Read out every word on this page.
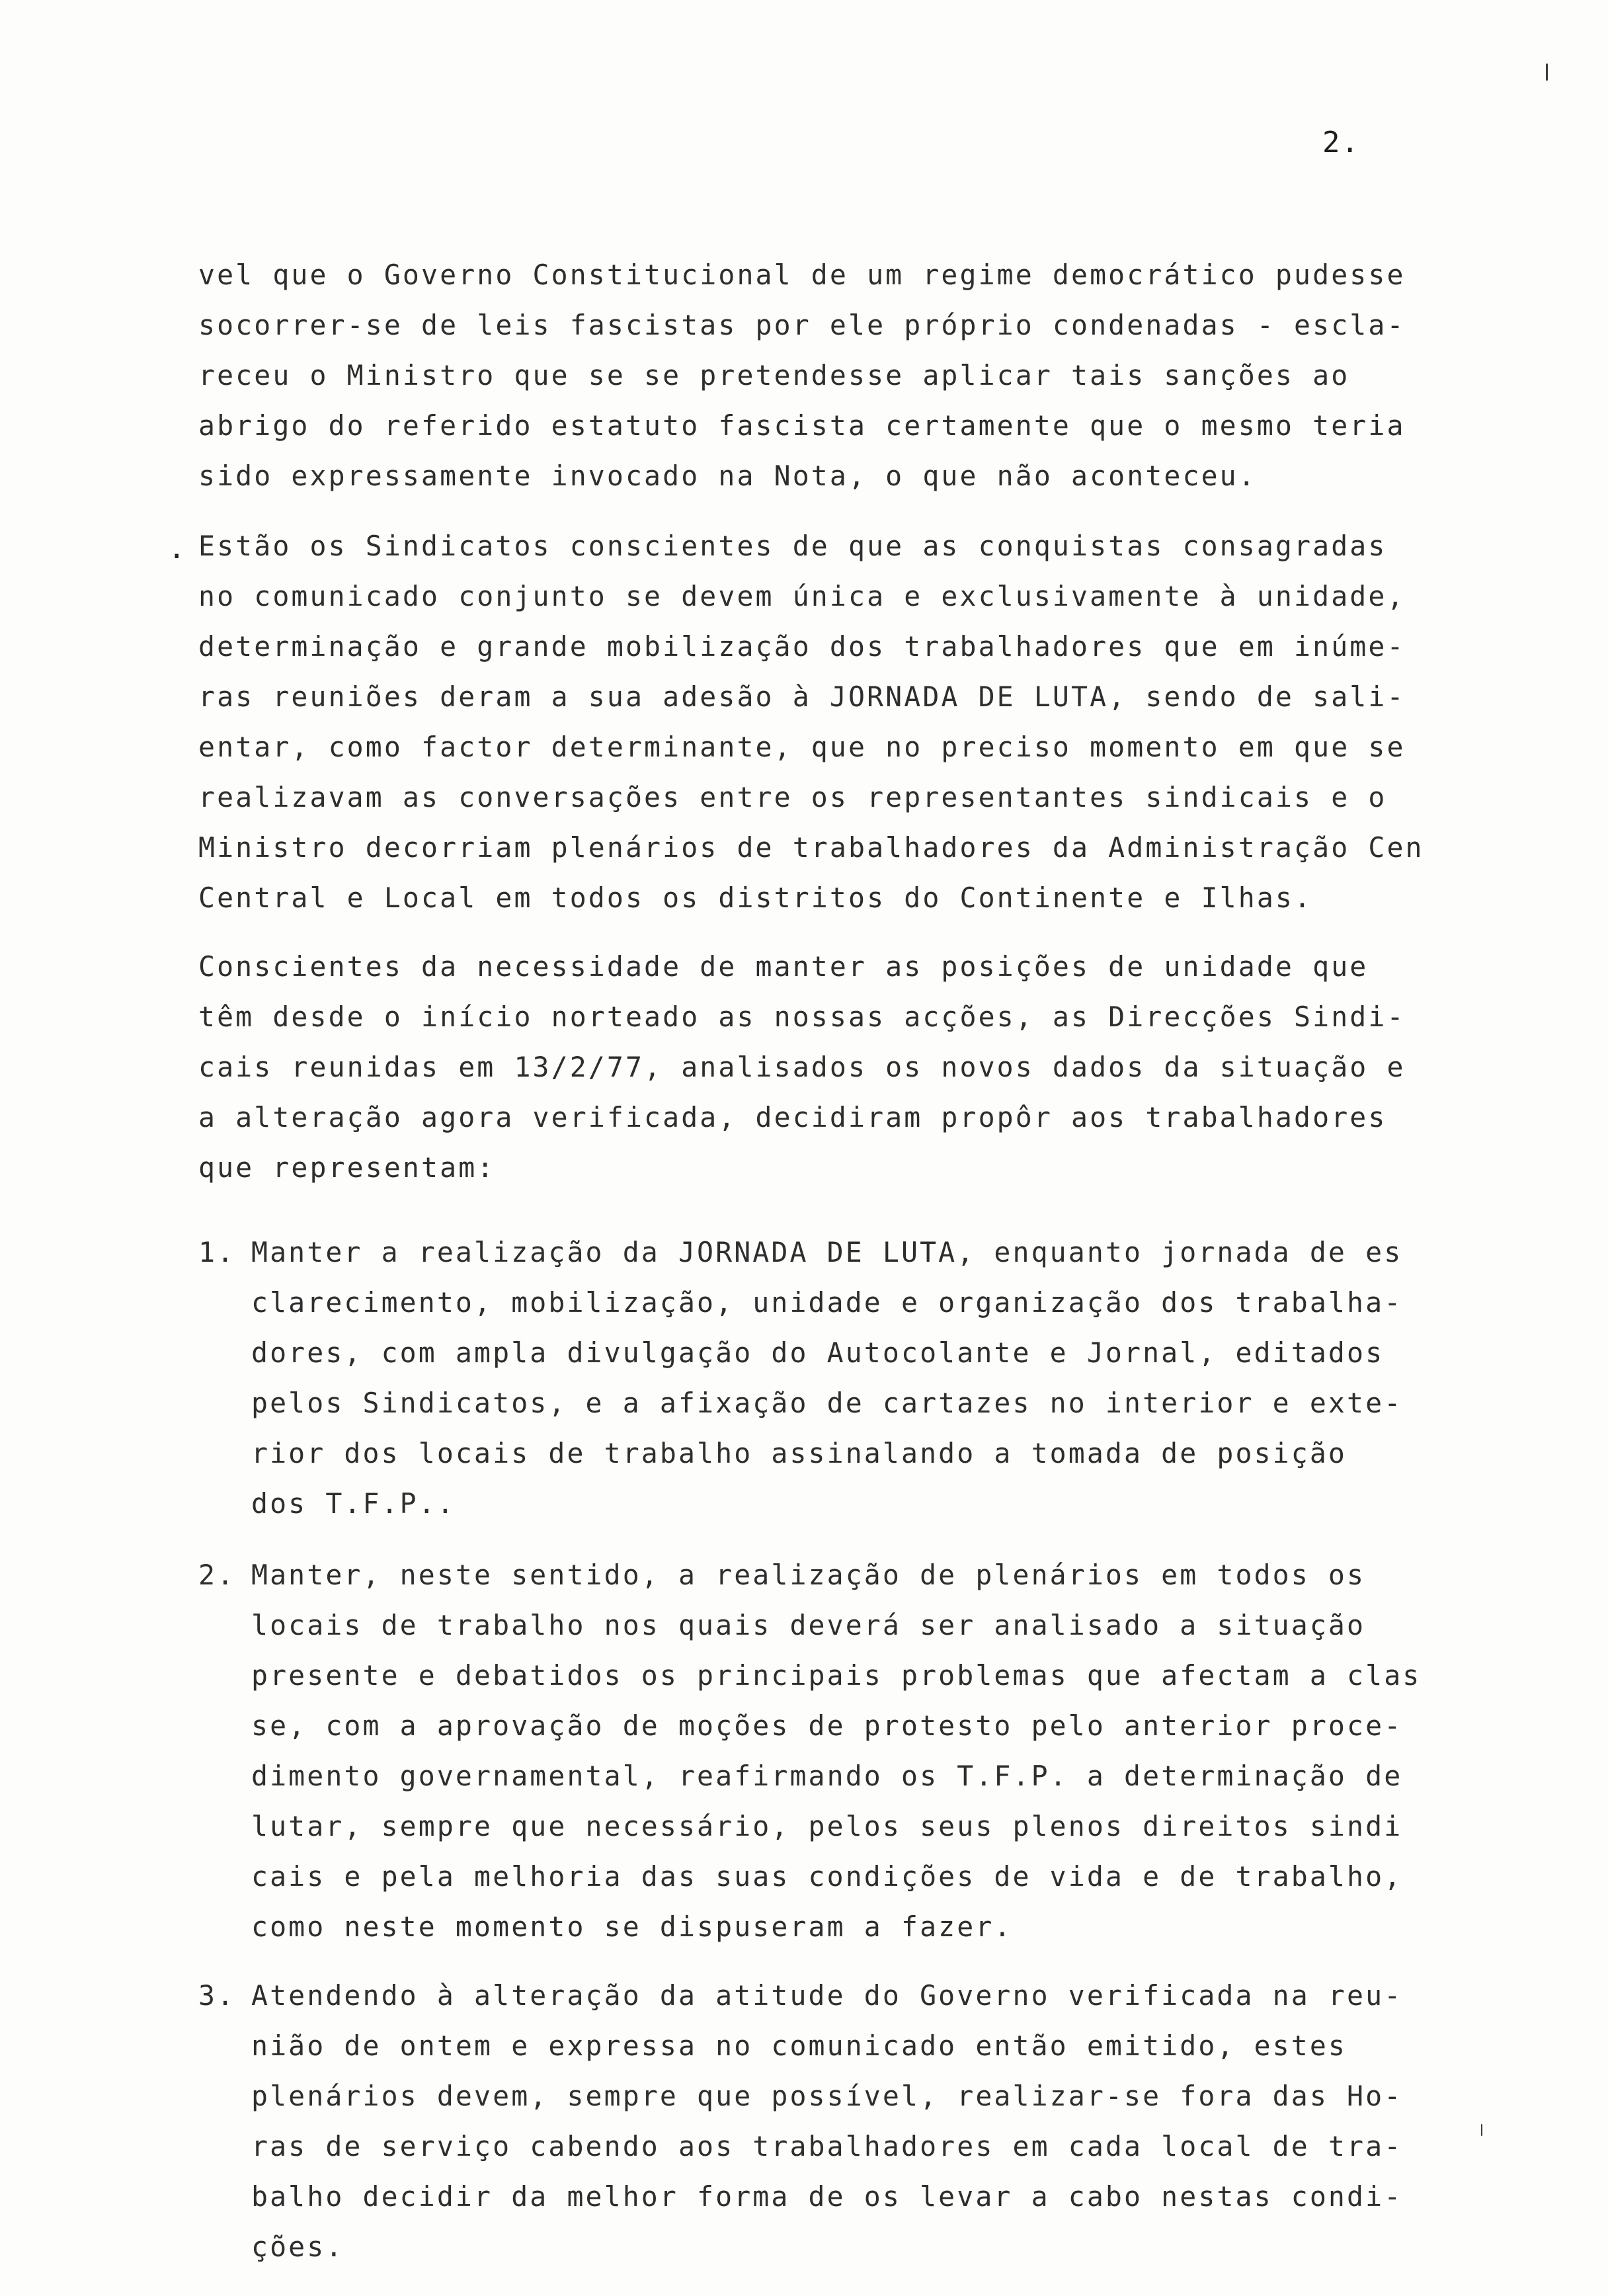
2.
vel que o Governo Constitucional de um regime democrático pudesse
socorrer-se de leis fascistas por ele próprio condenadas - escla-
receu o Ministro que se se pretendesse aplicar tais sanções ao
abrigo do referido estatuto fascista certamente que o mesmo teria
sido expressamente invocado na Nota, o que não aconteceu.
. Estão os Sindicatos conscientes de que as conquistas consagradas
no comunicado conjunto se devem única e exclusivamente à unidade,
determinação e grande mobilização dos trabalhadores que em inúme-
ras reuniões deram a sua adesão à JORNADA DE LUTA, sendo de sali-
entar, como factor determinante, que no preciso momento em que se
realizavam as conversações entre os representantes sindicais e o
Ministro decorriam plenários de trabalhadores da Administração Cen
Central e Local em todos os distritos do Continente e Ilhas.
Conscientes da necessidade de manter as posições de unidade que
têm desde o início norteado as nossas acções, as Direcções Sindi-
cais reunidas em 13/2/77, analisados os novos dados da situação e
a alteração agora verificada, decidiram propôr aos trabalhadores
que representam:
1. Manter a realização da JORNADA DE LUTA, enquanto jornada de es
clarecimento, mobilização, unidade e organização dos trabalha-
dores, com ampla divulgação do Autocolante e Jornal, editados
pelos Sindicatos, e a afixação de cartazes no interior e exte-
rior dos locais de trabalho assinalando a tomada de posição
dos T.F.P..
2. Manter, neste sentido, a realização de plenários em todos os
locais de trabalho nos quais deverá ser analisado a situação
presente e debatidos os principais problemas que afectam a clas
se, com a aprovação de moções de protesto pelo anterior proce-
dimento governamental, reafirmando os T.F.P. a determinação de
lutar, sempre que necessário, pelos seus plenos direitos sindi
cais e pela melhoria das suas condições de vida e de trabalho,
como neste momento se dispuseram a fazer.
3. Atendendo à alteração da atitude do Governo verificada na reu-
nião de ontem e expressa no comunicado então emitido, estes
plenários devem, sempre que possível, realizar-se fora das Ho-
ras de serviço cabendo aos trabalhadores em cada local de tra-
balho decidir da melhor forma de os levar a cabo nestas condi-
ções.
